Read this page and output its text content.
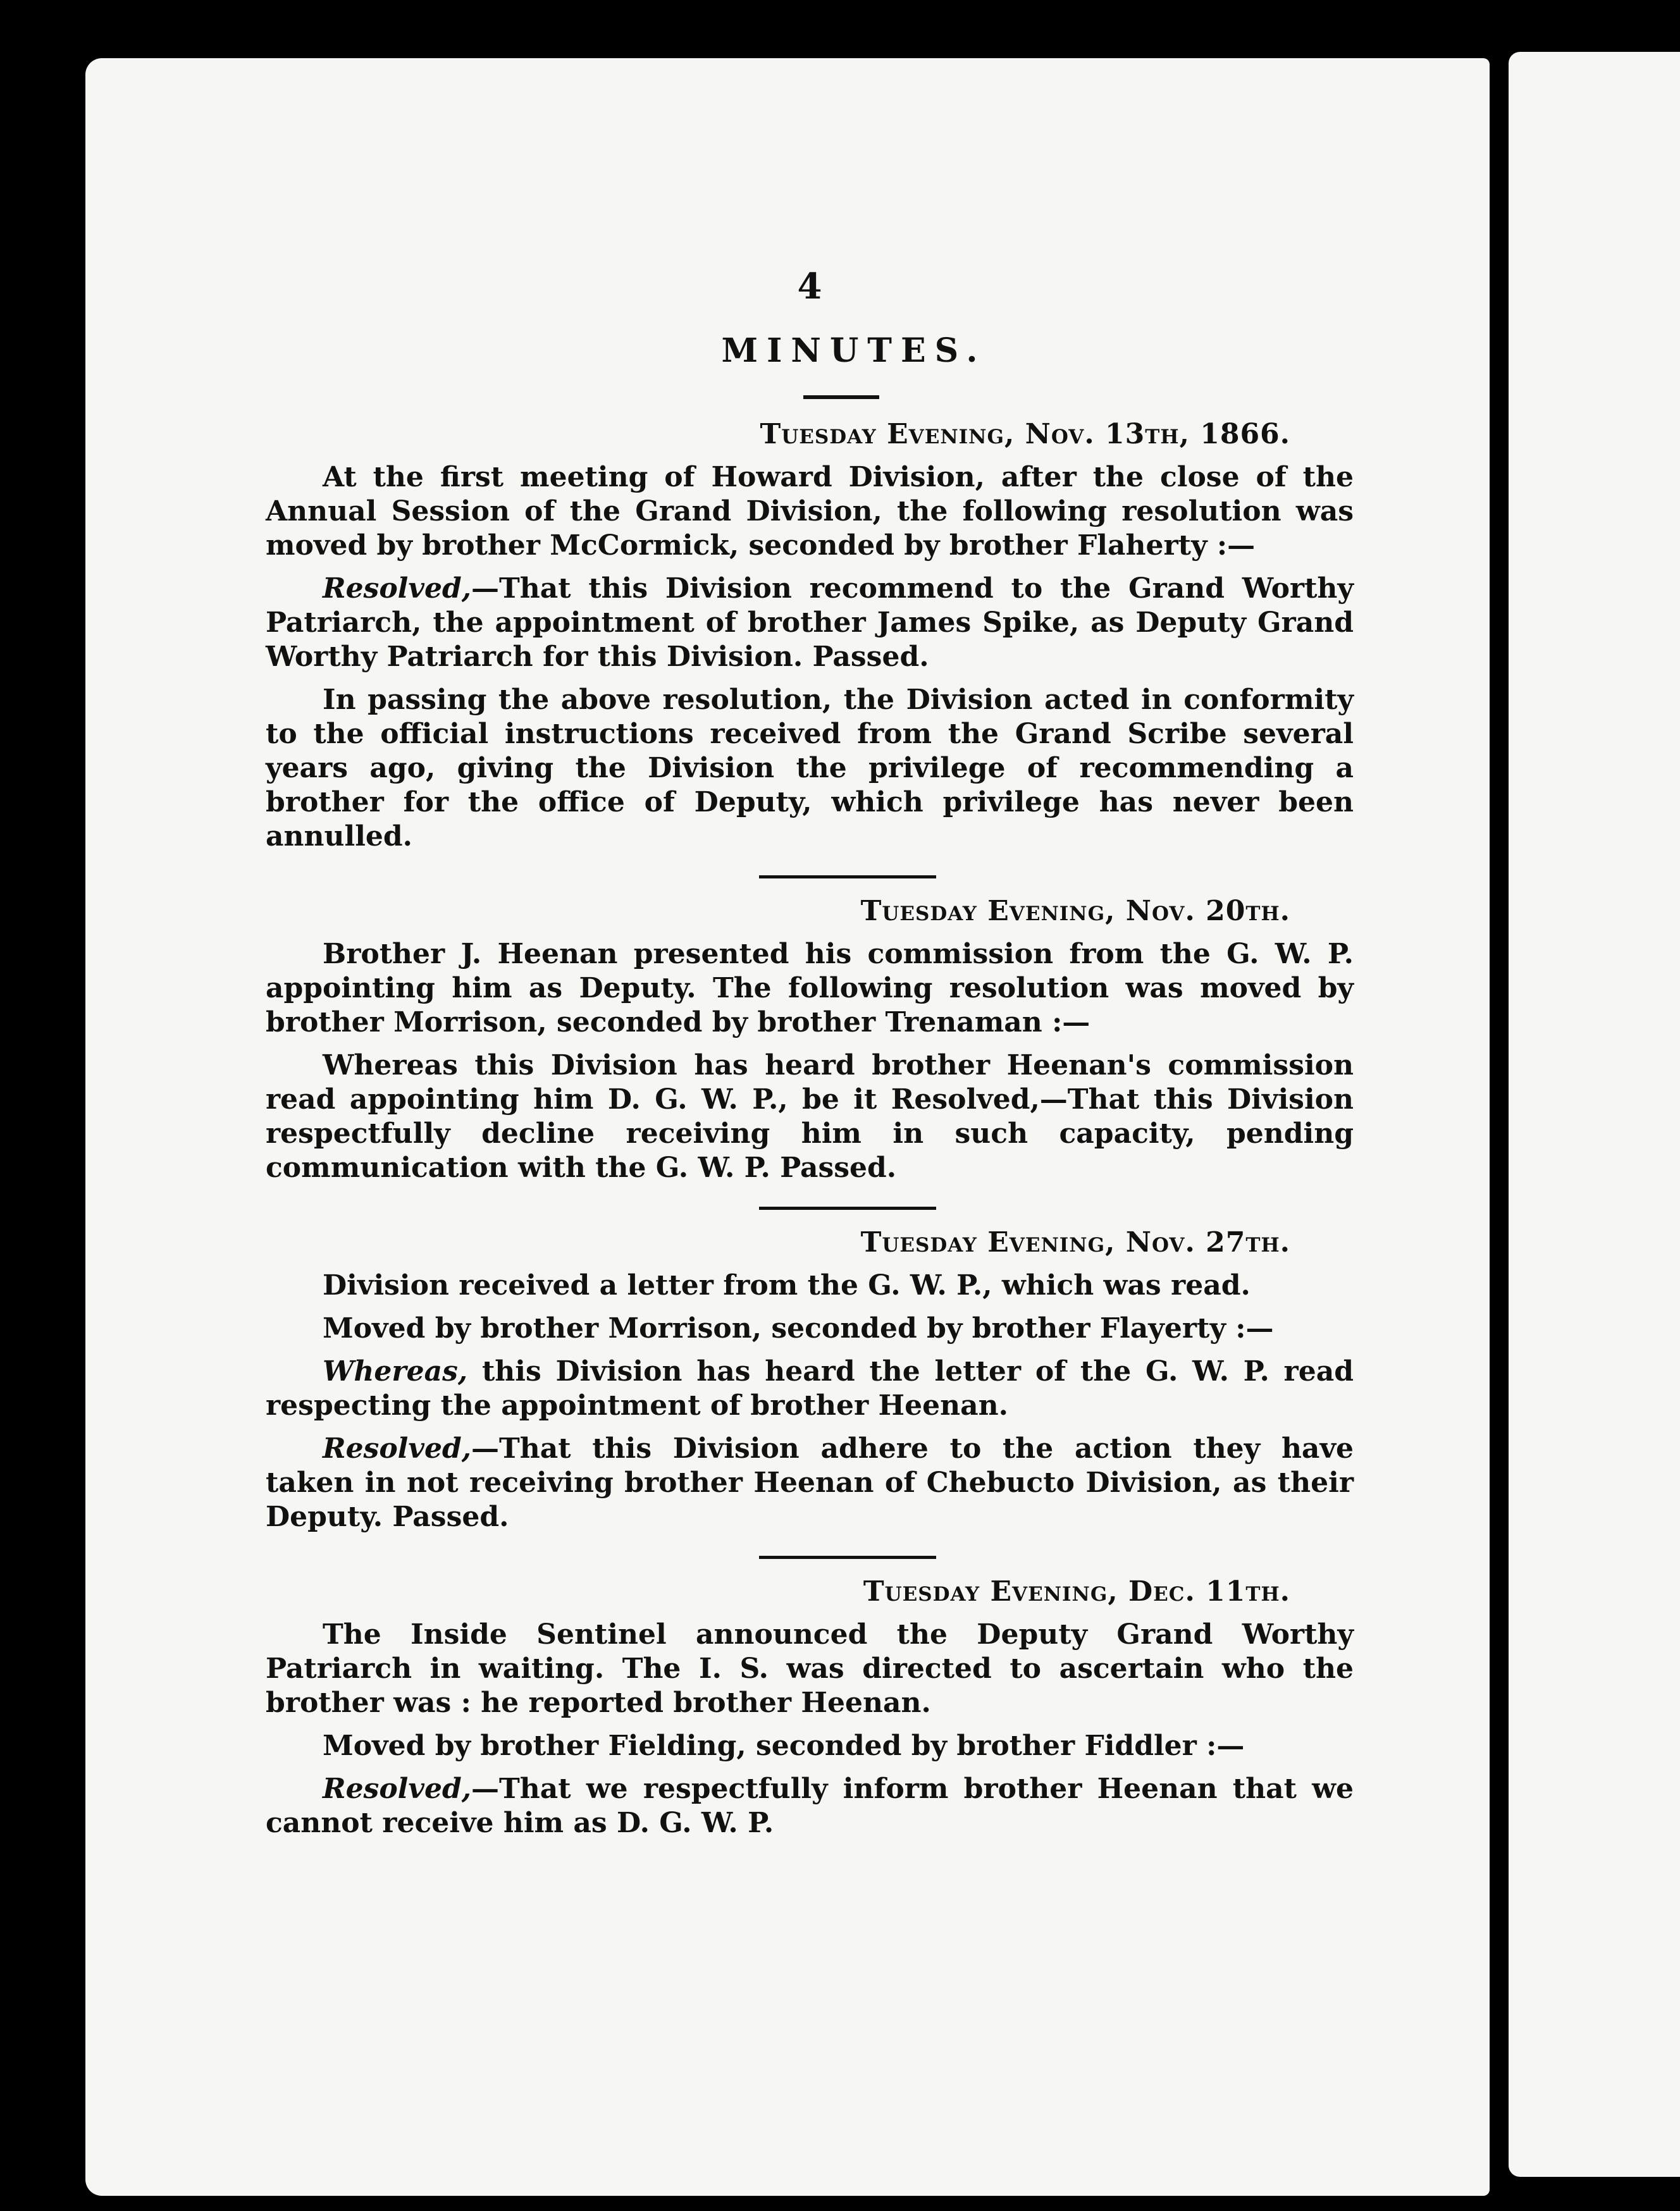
4
MINUTES.
Tuesday Evening, Nov. 13th, 1866.

At the first meeting of Howard Division, after the close of the Annual Session of the Grand Division, the following resolution was moved by brother McCormick, seconded by brother Flaherty :—

Resolved,—That this Division recommend to the Grand Worthy Patriarch, the appointment of brother James Spike, as Deputy Grand Worthy Patriarch for this Division. Passed.

In passing the above resolution, the Division acted in conformity to the official instructions received from the Grand Scribe several years ago, giving the Division the privilege of recommending a brother for the office of Deputy, which privilege has never been annulled.

Tuesday Evening, Nov. 20th.

Brother J. Heenan presented his commission from the G. W. P. appointing him as Deputy. The following resolution was moved by brother Morrison, seconded by brother Trenaman :—

Whereas this Division has heard brother Heenan's commission read appointing him D. G. W. P., be it Resolved,—That this Division respectfully decline receiving him in such capacity, pending communication with the G. W. P. Passed.

Tuesday Evening, Nov. 27th.

Division received a letter from the G. W. P., which was read.

Moved by brother Morrison, seconded by brother Flayerty :—

Whereas, this Division has heard the letter of the G. W. P. read respecting the appointment of brother Heenan.

Resolved,—That this Division adhere to the action they have taken in not receiving brother Heenan of Chebucto Division, as their Deputy. Passed.

Tuesday Evening, Dec. 11th.

The Inside Sentinel announced the Deputy Grand Worthy Patriarch in waiting. The I. S. was directed to ascertain who the brother was : he reported brother Heenan.

Moved by brother Fielding, seconded by brother Fiddler :—

Resolved,—That we respectfully inform brother Heenan that we cannot receive him as D. G. W. P.
